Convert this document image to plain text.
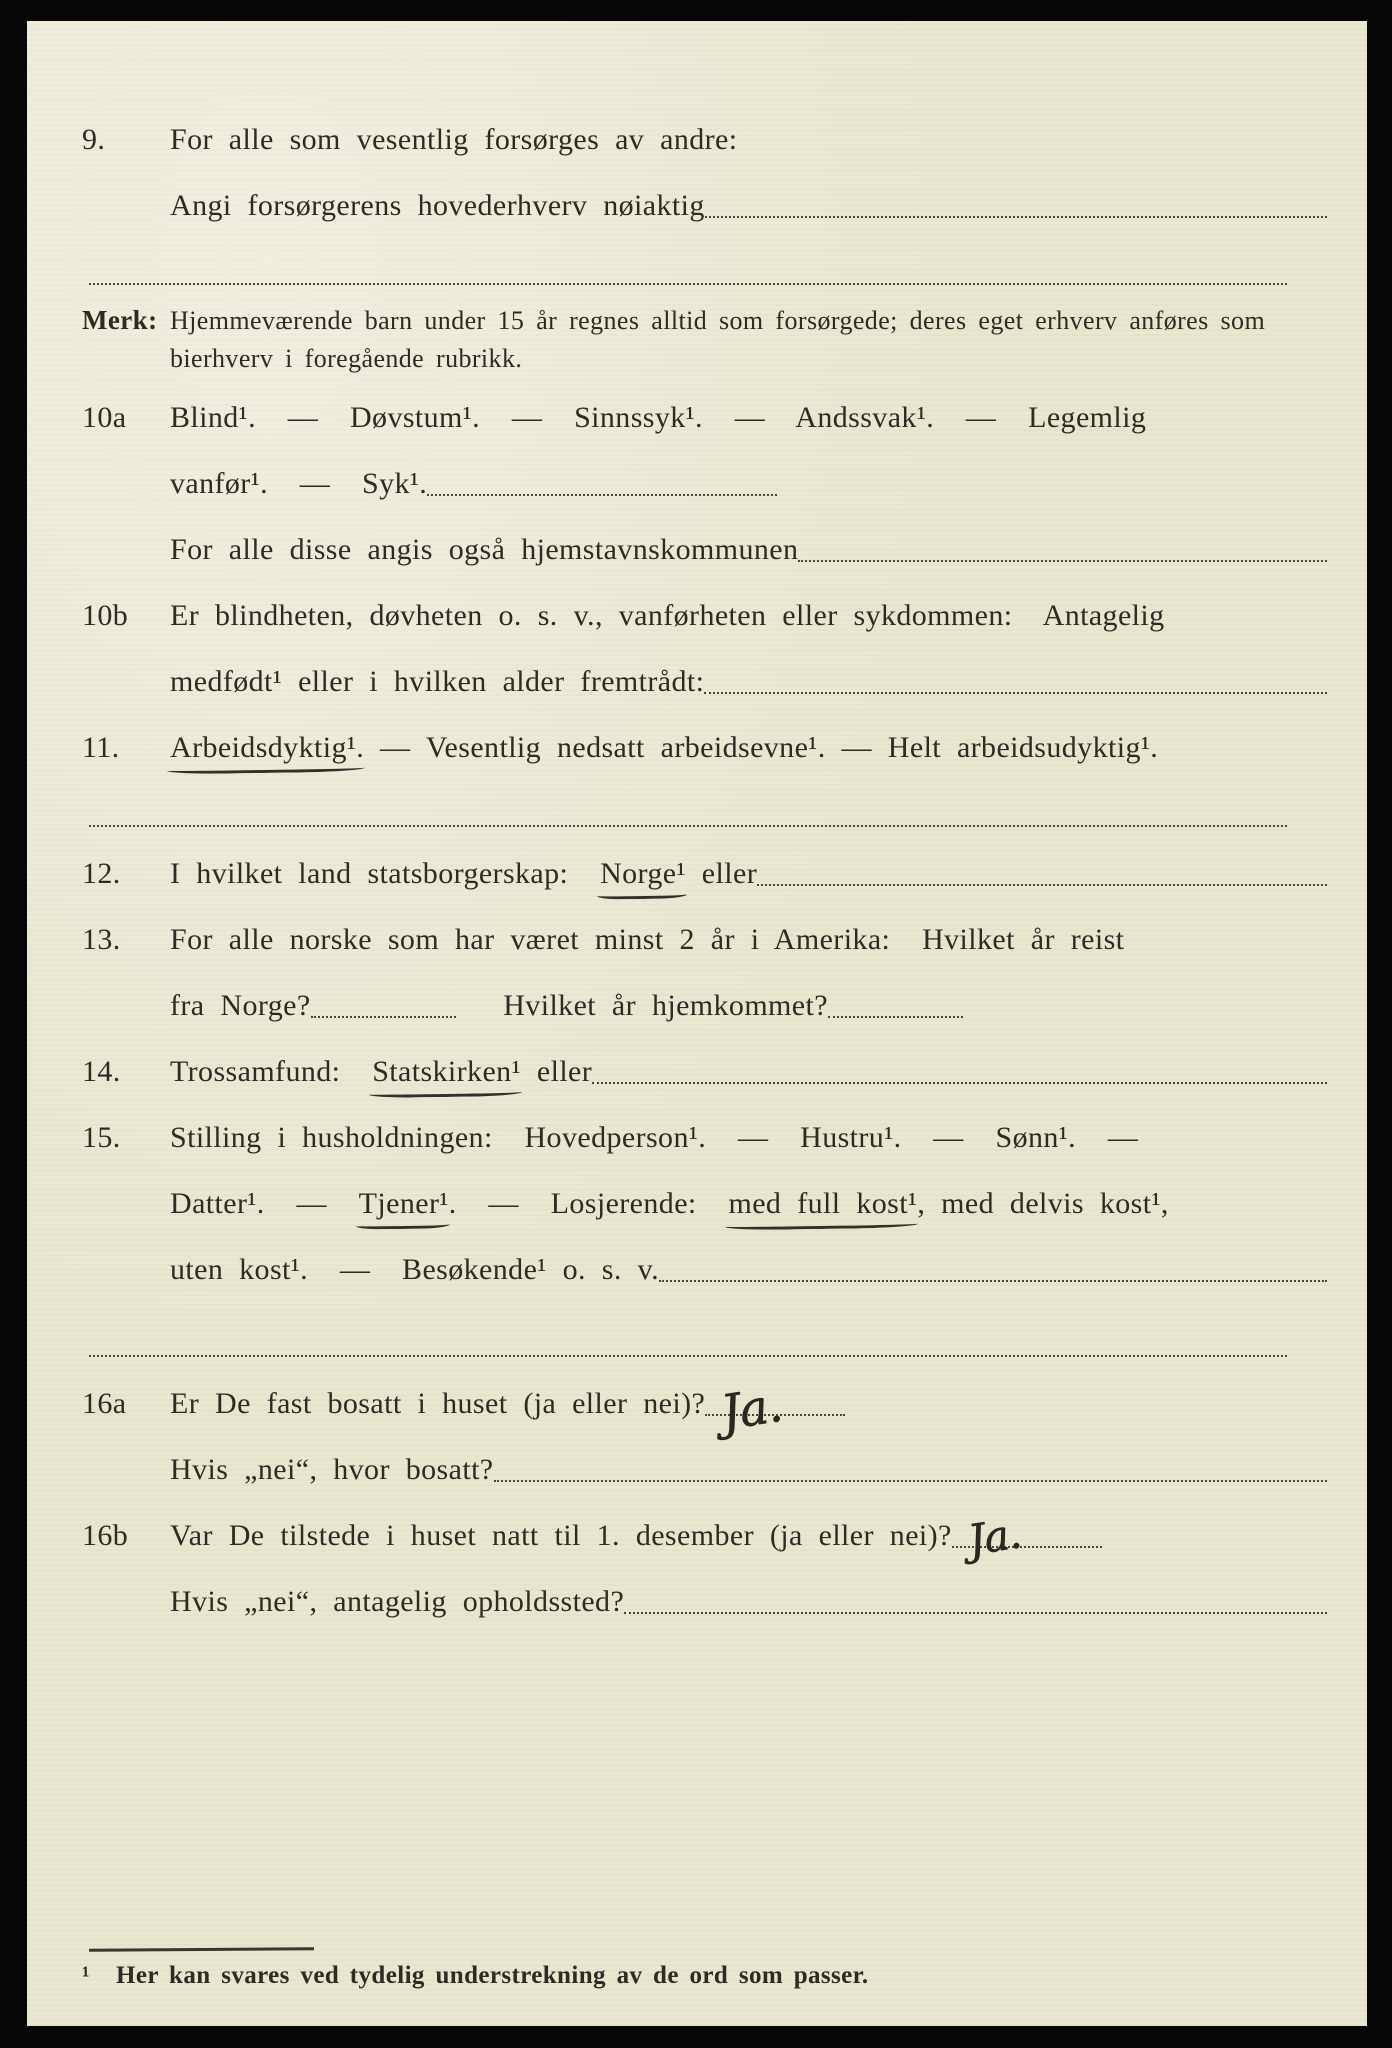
9.	For alle som vesentlig forsørges av andre:
Angi forsørgerens hovederhverv nøiaktig
Merk: Hjemmeværende barn under 15 år regnes alltid som forsørgede; deres eget erhverv anføres som bierhverv i foregående rubrikk.
10a	Blind¹.  —  Døvstum¹.  —  Sinnssyk¹.  —  Andssvak¹.  —  Legemlig
vanfør¹.  —  Syk¹.
For alle disse angis også hjemstavnskommunen
10b	Er blindheten, døvheten o. s. v., vanførheten eller sykdommen:  Antagelig
medfødt¹ eller i hvilken alder fremtrådt:
11.	Arbeidsdyktig¹. — Vesentlig nedsatt arbeidsevne¹. — Helt arbeidsudyktig¹.
12.	I hvilket land statsborgerskap: Norge¹ eller
13.	For alle norske som har været minst 2 år i Amerika:  Hvilket år reist
fra Norge?	Hvilket år hjemkommet?
14.	Trossamfund: Statskirken¹ eller
15.	Stilling i husholdningen:  Hovedperson¹.  —  Hustru¹.  —  Sønn¹.  —
Datter¹.  — Tjener¹ .  —  Losjerende: med full kost¹ , med delvis kost¹,
uten kost¹.  —  Besøkende¹ o. s. v.
16a	Er De fast bosatt i huset (ja eller nei)? Ja.
Hvis „nei“, hvor bosatt?
16b	Var De tilstede i huset natt til 1. desember (ja eller nei)? Ja.
Hvis „nei“, antagelig opholdssted?
¹	Her kan svares ved tydelig understrekning av de ord som passer.
